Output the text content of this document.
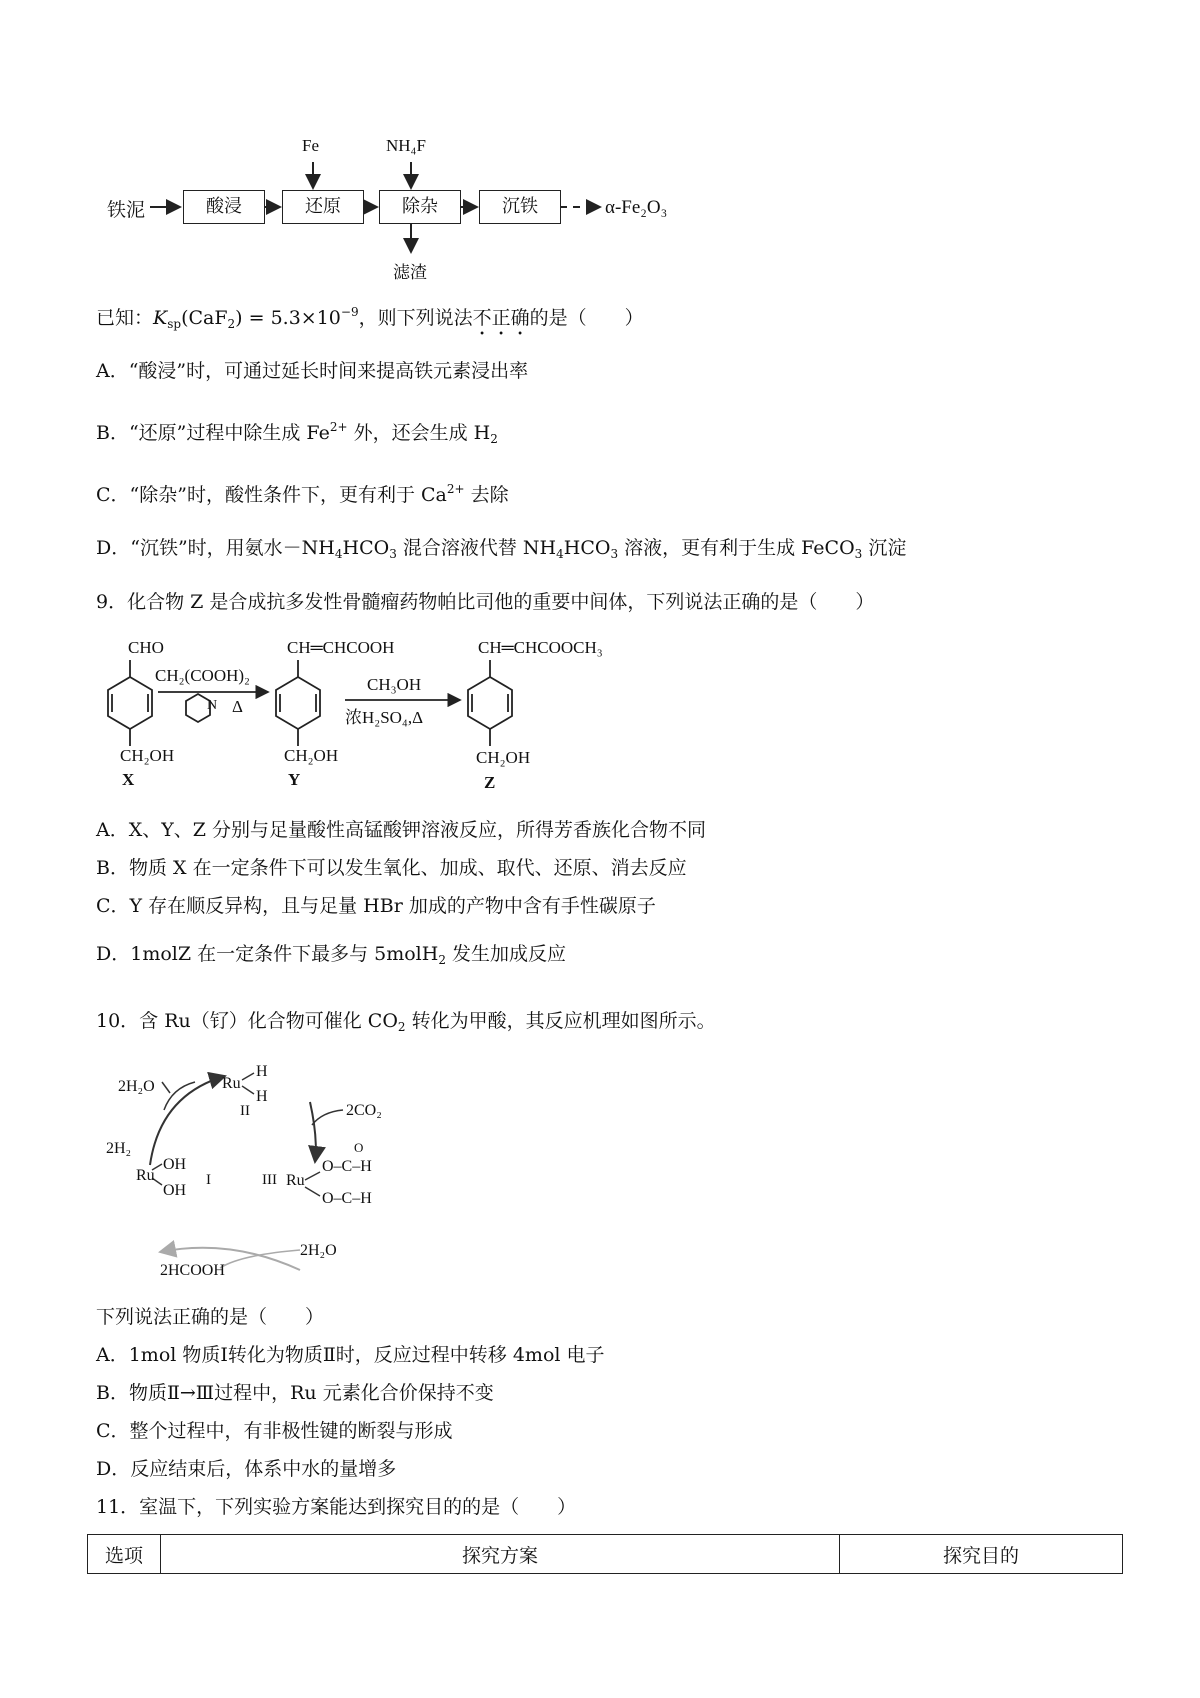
铁泥	酸浸	还原	除杂	沉铁	α-Fe₂O₃
Fe	NH₄F
滤渣
已知：$K_{sp}(CaF_2) = 5.3\times 10^{-9}$，则下列说法不正确的是（　　）
A．“酸浸”时，可通过延长时间来提高铁元素浸出率
B．“还原”过程中除生成 $Fe^{2+}$ 外，还会生成 $H_2$
C．“除杂”时，酸性条件下，更有利于 $Ca^{2+}$ 去除
D．“沉铁”时，用氨水$-NH_4HCO_3$ 混合溶液代替 $NH_4HCO_3$ 溶液，更有利于生成 FeCO$_3$ 沉淀
9．化合物 Z 是合成抗多发性骨髓瘤药物帕比司他的重要中间体，下列说法正确的是（　　）
CHO
CH₂OH
X
CH₂(COOH)₂
N Δ
CH═CHCOOH
CH₂OH
Y
CH₃OH
浓H₂SO₄,Δ
CH═CHCOOCH₃
CH₂OH
Z
A．X、Y、Z 分别与足量酸性高锰酸钾溶液反应，所得芳香族化合物不同
B．物质 X 在一定条件下可以发生氧化、加成、取代、还原、消去反应
C．Y 存在顺反异构，且与足量 HBr 加成的产物中含有手性碳原子
D．1molZ 在一定条件下最多与 5molH$_2$ 发生加成反应
10．含 Ru（钌）化合物可催化 $CO_2$ 转化为甲酸，其反应机理如图所示。
2H₂O
2H₂
Ru
H
H
II	2CO₂
Ru
OH
OH
I	III Ru
O–C–H
O–C–H
O
2HCOOH
2H₂O
下列说法正确的是（　　）
A．1mol 物质Ⅰ转化为物质Ⅱ时，反应过程中转移 4mol 电子
B．物质Ⅱ→Ⅲ过程中，Ru 元素化合价保持不变
C．整个过程中，有非极性键的断裂与形成
D．反应结束后，体系中水的量增多
11．室温下，下列实验方案能达到探究目的的是（　　）
选项	探究方案	探究目的
